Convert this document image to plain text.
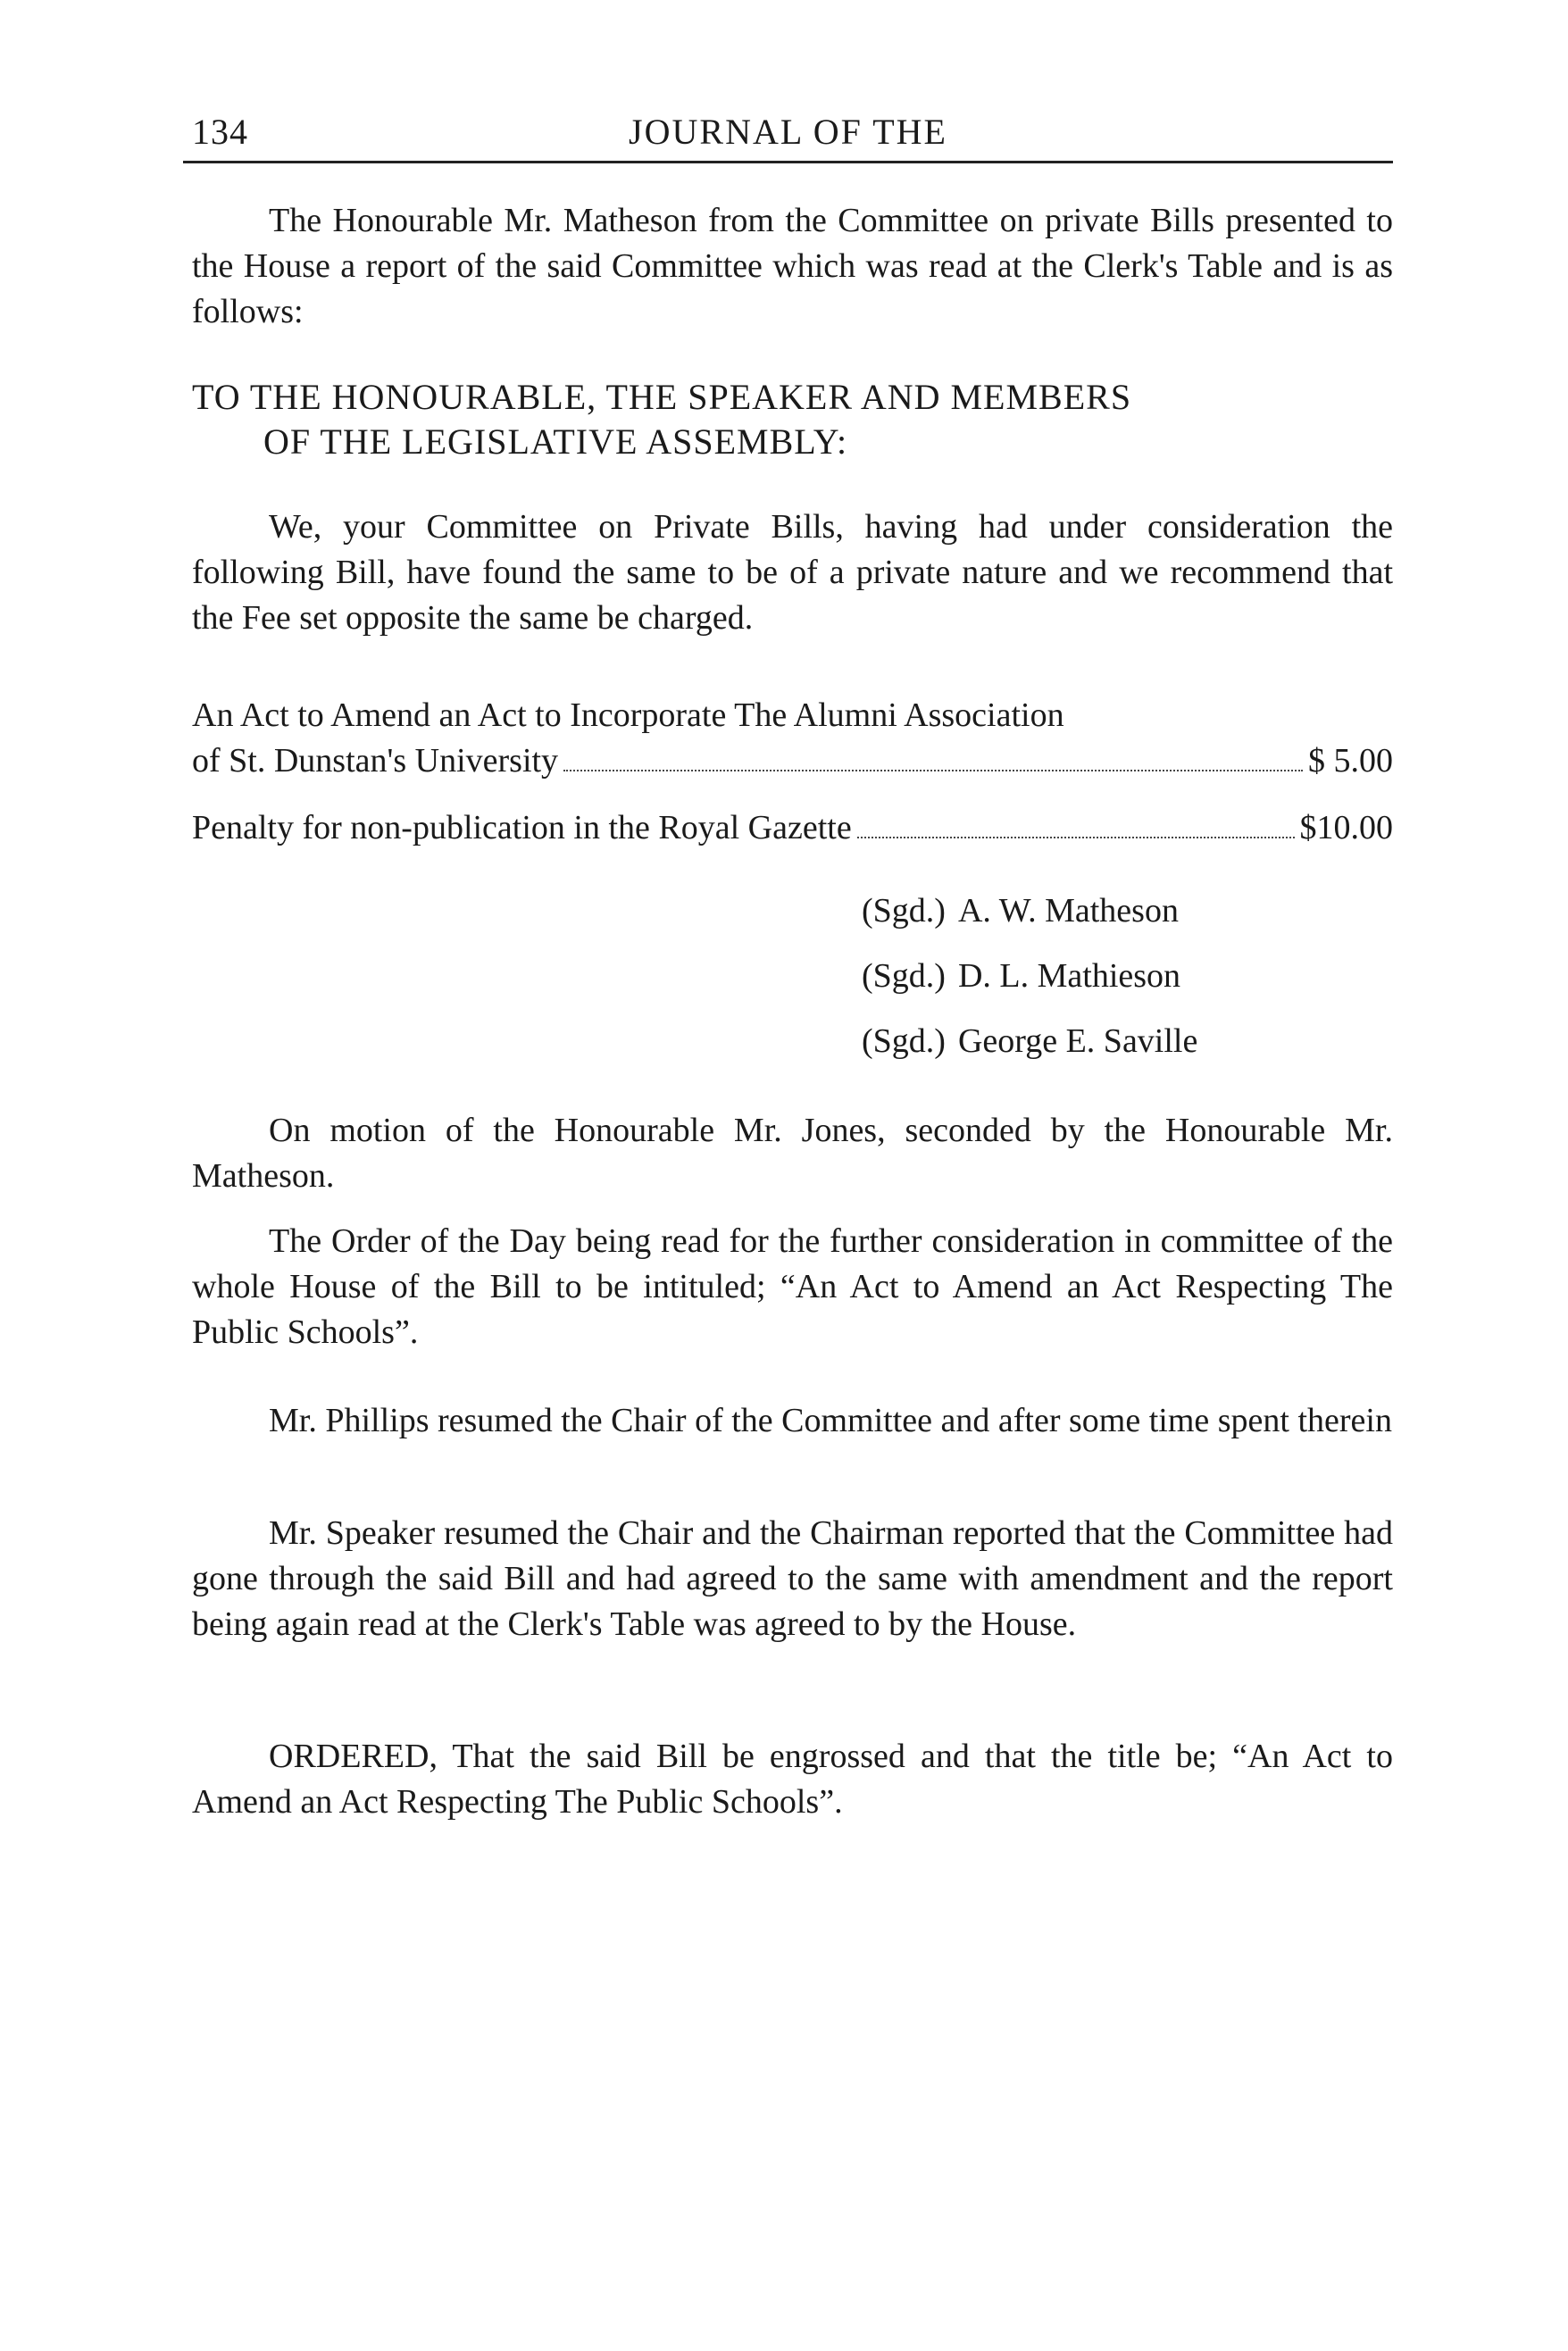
134	JOURNAL OF THE

The Honourable Mr. Matheson from the Committee on private Bills presented to the House a report of the said Committee which was read at the Clerk's Table and is as follows:

TO THE HONOURABLE, THE SPEAKER AND MEMBERS
OF THE LEGISLATIVE ASSEMBLY:

We, your Committee on Private Bills, having had under consideration the following Bill, have found the same to be of a private nature and we recommend that the Fee set opposite the same be charged.

An Act to Amend an Act to Incorporate The Alumni Association
of St. Dunstan's University	$ 5.00
Penalty for non-publication in the Royal Gazette	$10.00
(Sgd.) A. W. Matheson
(Sgd.) D. L. Mathieson
(Sgd.) George E. Saville

On motion of the Honourable Mr. Jones, seconded by the Honourable Mr. Matheson.

The Order of the Day being read for the further consideration in committee of the whole House of the Bill to be intituled; “An Act to Amend an Act Respecting The Public Schools”.

Mr. Phillips resumed the Chair of the Committee and after some time spent therein

Mr. Speaker resumed the Chair and the Chairman reported that the Committee had gone through the said Bill and had agreed to the same with amendment and the report being again read at the Clerk's Table was agreed to by the House.

ORDERED, That the said Bill be engrossed and that the title be; “An Act to Amend an Act Respecting The Public Schools”.
